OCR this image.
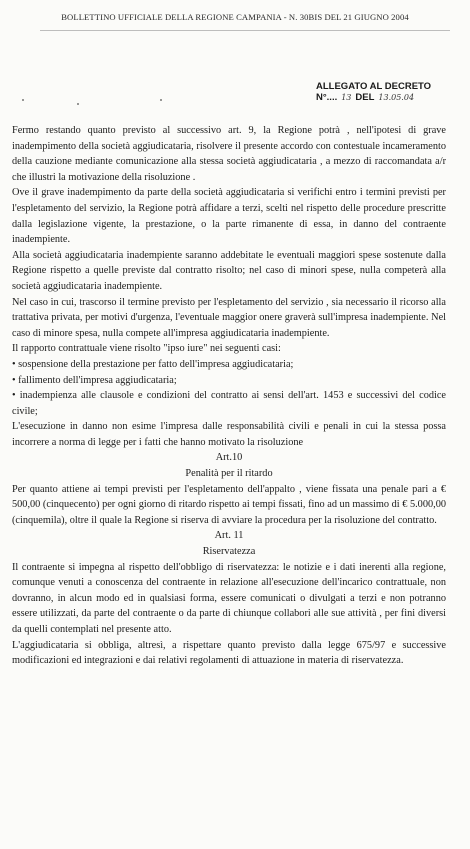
BOLLETTINO UFFICIALE DELLA REGIONE CAMPANIA - N. 30BIS DEL 21 GIUGNO 2004
ALLEGATO AL DECRETO
N°.... 13 DEL 13.05.04

Fermo restando quanto previsto al successivo art. 9, la Regione potrà , nell'ipotesi di grave inadempimento della società aggiudicataria, risolvere il presente accordo con contestuale incameramento della cauzione mediante comunicazione alla stessa società aggiudicataria , a mezzo di raccomandata a/r che illustri la motivazione della risoluzione .

Ove il grave inadempimento da parte della società aggiudicataria si verifichi entro i termini previsti per l'espletamento del servizio, la Regione potrà affidare a terzi, scelti nel rispetto delle procedure prescritte dalla legislazione vigente, la prestazione, o la parte rimanente di essa, in danno del contraente inadempiente.

Alla società aggiudicataria inadempiente saranno addebitate le eventuali maggiori spese sostenute dalla Regione rispetto a quelle previste dal contratto risolto; nel caso di minori spese, nulla competerà alla società aggiudicataria inadempiente.

Nel caso in cui, trascorso il termine previsto per l'espletamento del servizio , sia necessario il ricorso alla trattativa privata, per motivi d'urgenza, l'eventuale maggior onere graverà sull'impresa inadempiente. Nel caso di minore spesa, nulla compete all'impresa aggiudicataria inadempiente.

Il rapporto contrattuale viene risolto "ipso iure" nei seguenti casi:

• sospensione della prestazione per fatto dell'impresa aggiudicataria;

• fallimento dell'impresa aggiudicataria;

• inadempienza alle clausole e condizioni del contratto ai sensi dell'art. 1453 e successivi del codice civile;

L'esecuzione in danno non esime l'impresa dalle responsabilità civili e penali in cui la stessa possa incorrere a norma di legge per i fatti che hanno motivato la risoluzione

Art.10

Penalità per il ritardo

Per quanto attiene ai tempi previsti per l'espletamento dell'appalto , viene fissata una penale pari a € 500,00 (cinquecento) per ogni giorno di ritardo rispetto ai tempi fissati, fino ad un massimo di € 5.000,00 (cinquemila), oltre il quale la Regione si riserva di avviare la procedura per la risoluzione del contratto.

Art. 11

Riservatezza

Il contraente si impegna al rispetto dell'obbligo di riservatezza: le notizie e i dati inerenti alla regione, comunque venuti a conoscenza del contraente in relazione all'esecuzione dell'incarico contrattuale, non dovranno, in alcun modo ed in qualsiasi forma, essere comunicati o divulgati a terzi e non potranno essere utilizzati, da parte del contraente o da parte di chiunque collabori alle sue attività , per fini diversi da quelli contemplati nel presente atto.

L'aggiudicataria si obbliga, altresì, a rispettare quanto previsto dalla legge 675/97 e successive modificazioni ed integrazioni e dai relativi regolamenti di attuazione in materia di riservatezza.
